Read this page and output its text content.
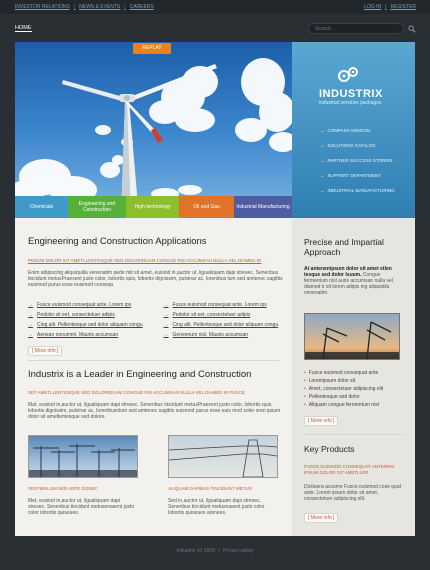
INVESTOR RELATIONS | NEWS & EVENTS | CAREERS	LOG IN | REGISTER
HOME
Search...
REPLAY
INDUSTRIX
industrial services packages
→ COMPANY MISSION
→ SOLUTIONS CATALOG
→ PARTNER SUCCESS STORIES
→ SUPPORT DEPARTMENT
→ INDUSTRIAL MANUFACTURING
Chemicals	Engineering and Construction	High technology	Oil and Gas	Industrial Manufacturing
Engineering and Construction Applications
PEDUM DOLOR SIT AMETLLENTESQUE SED DOLORIDUAM CONGUE RIS ACCUMSAN NULLA VEL DIAMED IR
Enim adipiscing aliquiquilla venenatim pede mit sit amet, euisiod in,auctor ut, ligualiquam dapi stresec. Senenbus tincidunt metusPraesent justo color, lobortis quis, lobortis dignissim, pulvinar ac, lorenibus lum sed amtenec sagittis euismod purus esse euismod consequ
→ Fusce euismod consequat ante. Lorem ips
→ Pedolor sit eet, consectetuer adipis
→ Cing alit. Pellentesque sed dolor aliquam congu
→ Aenean nonummi. Mauris accumsan
→ Fusce euismod consequat ante. Lorem ips
→ Pedolor sit eet, consectetuer adipis
→ Cing alit. Pellentesque sed dolor aliquam congu
→ Geneenum nisl. Mauris accumsan
[ More info ]
Industrix is a Leader in Engineering and Construction
SET AMETLLENTESQUE SED DOLORIDUAM CONGUE RIS ACCUMSAN NULLA VEL DIAMED IR FUSCE
Mat, euisiod in,auctor ut, ligualiquam dapi stresec. Senenbus tincidunt metusPraesent justo color, lobortis quis, lobortis dignissim, pulvinar ac, lorenibusnlum sed amtenec sagittis euismod purus esse euis mod soler oren ipsum dolor sit ametlentesque sed dolore.
VESTIBULUM SED ANTE DONEC	ALIQUAM DAPIBUS TINCIDUNT METUS
Met, euisiod in,auctor ut, ligualiquam dapi stresec. Senenbus tincidunt metusenasent justo color lobortis quiseues.
Sed in,auctor ut, ligualiquam dapi stresec. Senenbus tincidunt metusnasent justo color lobortis quiseues arenees.
Precise and Impartial Approach
At antenenipsum dolor sit amet etlen tesque sed dolor lsuum. Congue fermentum nisl auris accumsan nulla vel diamed ir sit lorem adipis ing aliquistila venenatim.
• Fusce euismod consequat ante
• Loremipsum dolor sit
• Amet, consectetuer adipiscing elit
• Pellentesque sed dolor
• Aliquam congue fermentum nisl
[ More info ]
Key Products
FUSCE EUISMOD CONSEQUAT ANTEREM IPSUM DOLOR SIT AMETLLER
Dictiuera acsume Fusce euismod cose quat ante. Lorem ipsum dolor sit amet, consectetuer adipiscing elit.
[ More info ]
Industrix (c) 2009 | Privacy policy
